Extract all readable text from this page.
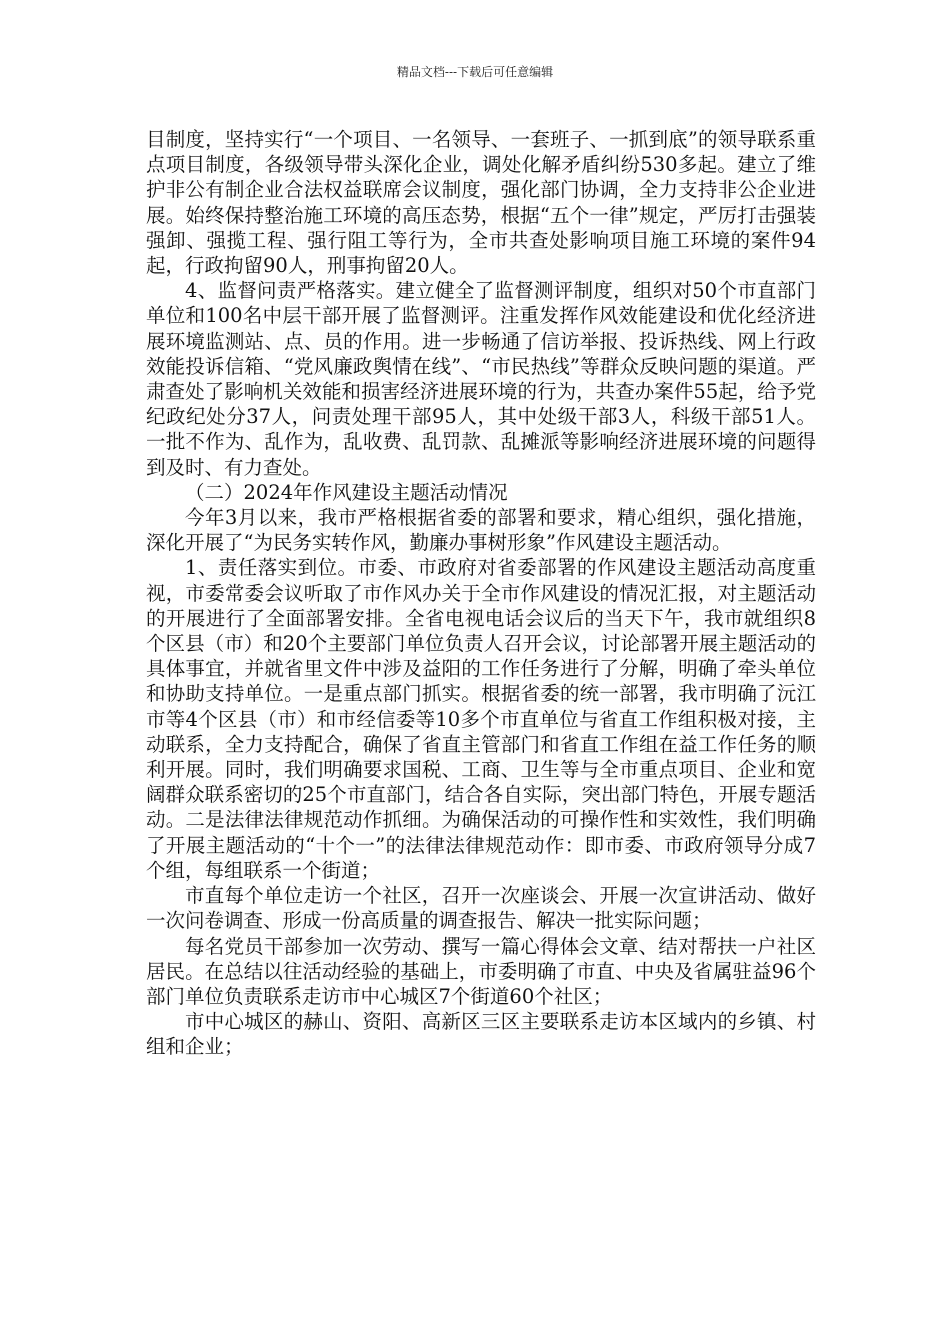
精品文档---下载后可任意编辑

目制度，坚持实行“一个项目、一名领导、一套班子、一抓到底”的领导联系重点项目制度，各级领导带头深化企业，调处化解矛盾纠纷530多起。建立了维护非公有制企业合法权益联席会议制度，强化部门协调，全力支持非公企业进展。始终保持整治施工环境的高压态势，根据“五个一律”规定，严厉打击强装强卸、强揽工程、强行阻工等行为，全市共查处影响项目施工环境的案件94起，行政拘留90人，刑事拘留20人。

4、监督问责严格落实。建立健全了监督测评制度，组织对50个市直部门单位和100名中层干部开展了监督测评。注重发挥作风效能建设和优化经济进展环境监测站、点、员的作用。进一步畅通了信访举报、投诉热线、网上行政效能投诉信箱、“党风廉政舆情在线”、“市民热线”等群众反映问题的渠道。严肃查处了影响机关效能和损害经济进展环境的行为，共查办案件55起，给予党纪政纪处分37人，问责处理干部95人，其中处级干部3人，科级干部51人。一批不作为、乱作为，乱收费、乱罚款、乱摊派等影响经济进展环境的问题得到及时、有力查处。

（二）2024年作风建设主题活动情况

今年3月以来，我市严格根据省委的部署和要求，精心组织，强化措施，深化开展了“为民务实转作风，勤廉办事树形象”作风建设主题活动。

1、责任落实到位。市委、市政府对省委部署的作风建设主题活动高度重视，市委常委会议听取了市作风办关于全市作风建设的情况汇报，对主题活动的开展进行了全面部署安排。全省电视电话会议后的当天下午，我市就组织8个区县（市）和20个主要部门单位负责人召开会议，讨论部署开展主题活动的具体事宜，并就省里文件中涉及益阳的工作任务进行了分解，明确了牵头单位和协助支持单位。一是重点部门抓实。根据省委的统一部署，我市明确了沅江市等4个区县（市）和市经信委等10多个市直单位与省直工作组积极对接，主动联系，全力支持配合，确保了省直主管部门和省直工作组在益工作任务的顺利开展。同时，我们明确要求国税、工商、卫生等与全市重点项目、企业和宽阔群众联系密切的25个市直部门，结合各自实际，突出部门特色，开展专题活动。二是法律法律规范动作抓细。为确保活动的可操作性和实效性，我们明确了开展主题活动的“十个一”的法律法律规范动作：即市委、市政府领导分成7个组，每组联系一个街道；

市直每个单位走访一个社区，召开一次座谈会、开展一次宣讲活动、做好一次问卷调查、形成一份高质量的调查报告、解决一批实际问题；

每名党员干部参加一次劳动、撰写一篇心得体会文章、结对帮扶一户社区居民。在总结以往活动经验的基础上，市委明确了市直、中央及省属驻益96个部门单位负责联系走访市中心城区7个街道60个社区；

市中心城区的赫山、资阳、高新区三区主要联系走访本区域内的乡镇、村组和企业；
